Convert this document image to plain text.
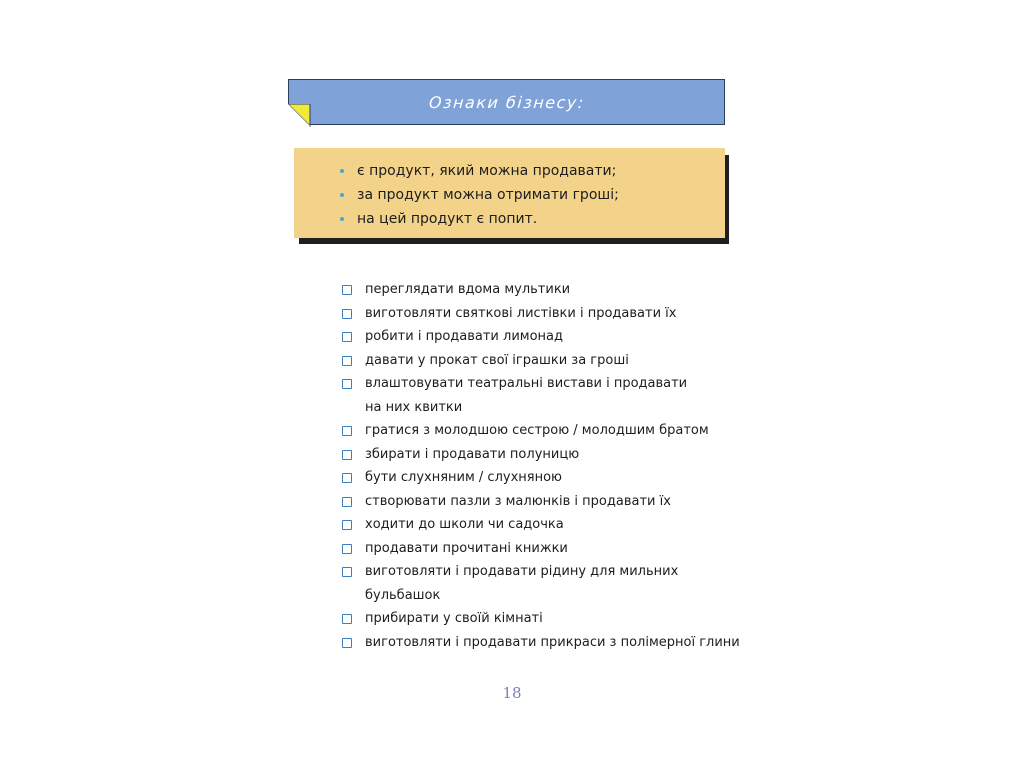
Ознаки бізнесу:
є продукт, який можна продавати;
за продукт можна отримати гроші;
на цей продукт є попит.
переглядати вдома мультики
виготовляти святкові листівки і продавати їх
робити і продавати лимонад
давати у прокат свої іграшки за гроші
влаштовувати театральні вистави і продавати
на них квитки
гратися з молодшою сестрою / молодшим братом
збирати і продавати полуницю
бути слухняним / слухняною
створювати пазли з малюнків і продавати їх
ходити до школи чи садочка
продавати прочитані книжки
виготовляти і продавати рідину для мильних
бульбашок
прибирати у своїй кімнаті
виготовляти і продавати прикраси з полімерної глини
18
